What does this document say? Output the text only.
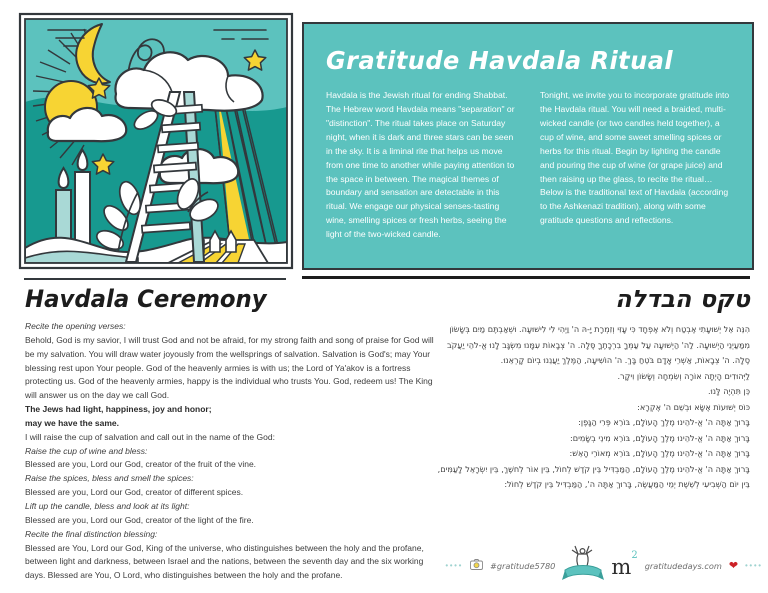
Gratitude Havdala Ritual

Havdala is the Jewish ritual for ending Shabbat. The Hebrew word Havdala means "separation" or "distinction". The ritual takes place on Saturday night, when it is dark and three stars can be seen in the sky. It is a liminal rite that helps us move from one time to another while paying attention to the space in between. The magical themes of boundary and sensation are detectable in this ritual. We engage our physical senses-tasting wine, smelling spices or fresh herbs, seeing the light of the two-wicked candle.

Tonight, we invite you to incorporate gratitude into the Havdala ritual. You will need a braided, multi-wicked candle (or two candles held together), a cup of wine, and some sweet smelling spices or herbs for this ritual. Begin by lighting the candle and pouring the cup of wine (or grape juice) and then raising up the glass, to recite the ritual… Below is the traditional text of Havdala (according to the Ashkenazi tradition), along with some gratitude questions and reflections.

Havdala Ceremony
Recite the opening verses:
Behold, God is my savior, I will trust God and not be afraid, for my strong faith and song of praise for God will be my salvation. You will draw water joyously from the wellsprings of salvation. Salvation is God's; may Your blessing rest upon Your people. God of the heavenly armies is with us; the Lord of Ya'akov is a fortress protecting us. God of the heavenly armies, happy is the individual who trusts You. God, redeem us! The King will answer us on the day we call God.
The Jews had light, happiness, joy and honor;
may we have the same.
I will raise the cup of salvation and call out in the name of the God:
Raise the cup of wine and bless:
Blessed are you, Lord our God, creator of the fruit of the vine.
Raise the spices, bless and smell the spices:
Blessed are you, Lord our God, creator of different spices.
Lift up the candle, bless and look at its light:
Blessed are you, Lord our God, creator of the light of the fire.
Recite the final distinction blessing:
Blessed are You, Lord our God, King of the universe, who distinguishes between the holy and the profane, between light and darkness, between Israel and the nations, between the seventh day and the six working days. Blessed are You, O Lord, who distinguishes between the holy and the profane.
טקס הבדלה
הִנֵּה אֵל יְשׁוּעָתִי אֶבְטַח וְלֹא אֶפְחָד כִּי עָזִּי וְזִמְרָת יָ-הּ ה' וַיְהִי לִי לִישׁוּעָה. וּשְׁאַבְתֶּם מַיִם בְּשָׂשׂוֹן מִמַּעַיְנֵי הַיְשׁוּעָה. לַה' הַיְשׁוּעָה עַל עַמְּךָ בִרְכָתֶךָ סֶּלָה. ה' צְבָאוֹת עִמָּנוּ מִשְׂגָּב לָנוּ אֱ-לֹהֵי יַעֲקֹב סֶלָה. ה' צְבָאוֹת, אַשְׁרֵי אָדָם בֹּטֵחַ בָּךְ. ה' הוֹשִׁיעָה, הַמֶּלֶךְ יַעֲנֵנוּ בְיוֹם קָרְאֵנוּ.
לַיְּהוּדִים הָיְתָה אוֹרָה וְשִׂמְחָה וְשָׂשׂוֹן וִיקָר.
כֵּן תִּהְיֶה לָּנוּ.
כּוֹס יְשׁוּעוֹת אֶשָּׂא וּבְשֵׁם ה' אֶקְרָא:
בָּרוּךְ אַתָּה ה' אֱ-לֹהֵינוּ מֶלֶךְ הָעוֹלָם, בּוֹרֵא פְּרִי הַגָּפֶן:
בָּרוּךְ אַתָּה ה' אֱ-לֹהֵינוּ מֶלֶךְ הָעוֹלָם, בּוֹרֵא מִינֵי בְשָׂמִים:
בָּרוּךְ אַתָּה ה' אֱ-לֹהֵינוּ מֶלֶךְ הָעוֹלָם, בּוֹרֵא מְאוֹרֵי הָאֵשׁ:
בָּרוּךְ אַתָּה ה' אֱ-לֹהֵינוּ מֶלֶךְ הָעוֹלָם, הַמַּבְדִּיל בֵּין קֹדֶשׁ לְחוֹל, בֵּין אוֹר לְחשֶׁךְ, בֵּין יִשְׂרָאֵל לָעַמִּים, בֵּין יוֹם הַשְּׁבִיעִי לְשֵׁשֶׁת יְמֵי הַמַּעֲשֶׂה, בָּרוּךְ אַתָּה ה', הַמַּבְדִּיל בֵּין קֹדֶשׁ לְחוֹל:
••••	#gratitude5780	$m^2$
gratitudedays.com ❤ ••••
